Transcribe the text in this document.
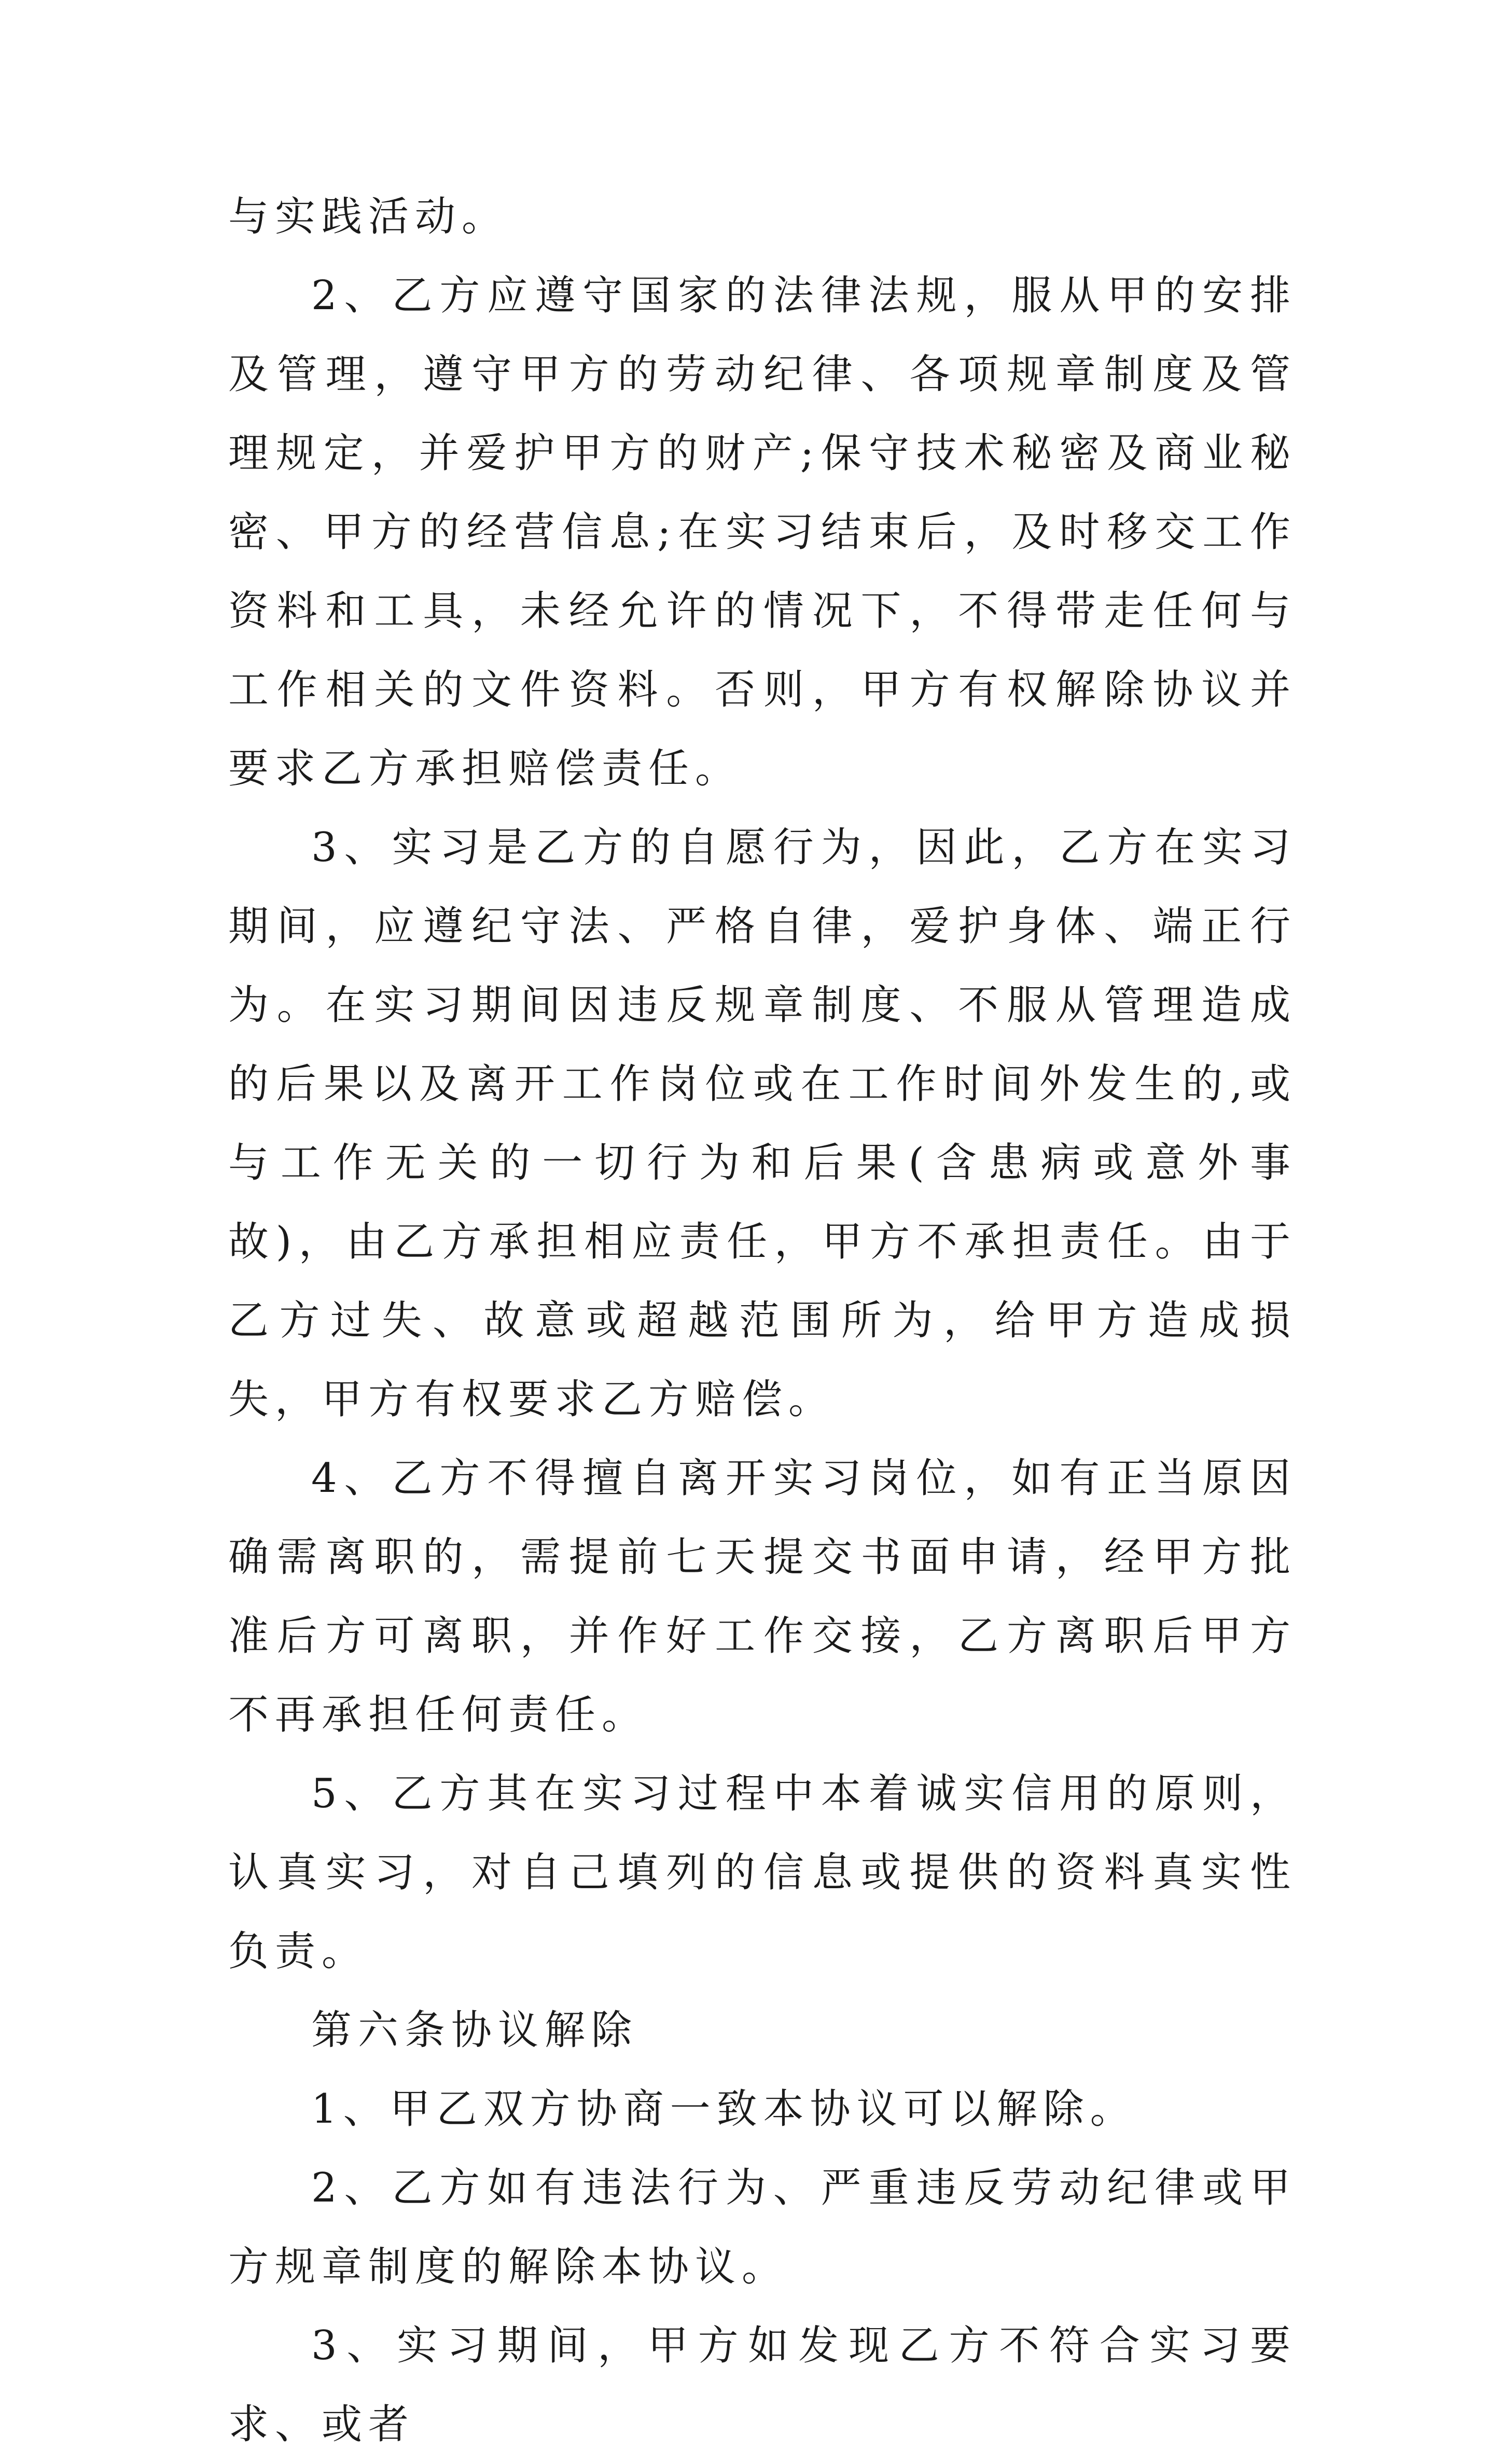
与实践活动。

2、乙方应遵守国家的法律法规，服从甲的安排及管理，遵守甲方的劳动纪律、各项规章制度及管理规定，并爱护甲方的财产;保守技术秘密及商业秘密、甲方的经营信息;在实习结束后，及时移交工作资料和工具，未经允许的情况下，不得带走任何与工作相关的文件资料。否则，甲方有权解除协议并要求乙方承担赔偿责任。

3、实习是乙方的自愿行为，因此，乙方在实习期间，应遵纪守法、严格自律，爱护身体、端正行为。在实习期间因违反规章制度、不服从管理造成的后果以及离开工作岗位或在工作时间外发生的,或与工作无关的一切行为和后果(含患病或意外事故)，由乙方承担相应责任，甲方不承担责任。由于乙方过失、故意或超越范围所为，给甲方造成损失，甲方有权要求乙方赔偿。

4、乙方不得擅自离开实习岗位，如有正当原因确需离职的，需提前七天提交书面申请，经甲方批准后方可离职，并作好工作交接，乙方离职后甲方不再承担任何责任。

5、乙方其在实习过程中本着诚实信用的原则，认真实习，对自己填列的信息或提供的资料真实性负责。

第六条协议解除

1、甲乙双方协商一致本协议可以解除。

2、乙方如有违法行为、严重违反劳动纪律或甲方规章制度的解除本协议。

3、实习期间，甲方如发现乙方不符合实习要求、或者
